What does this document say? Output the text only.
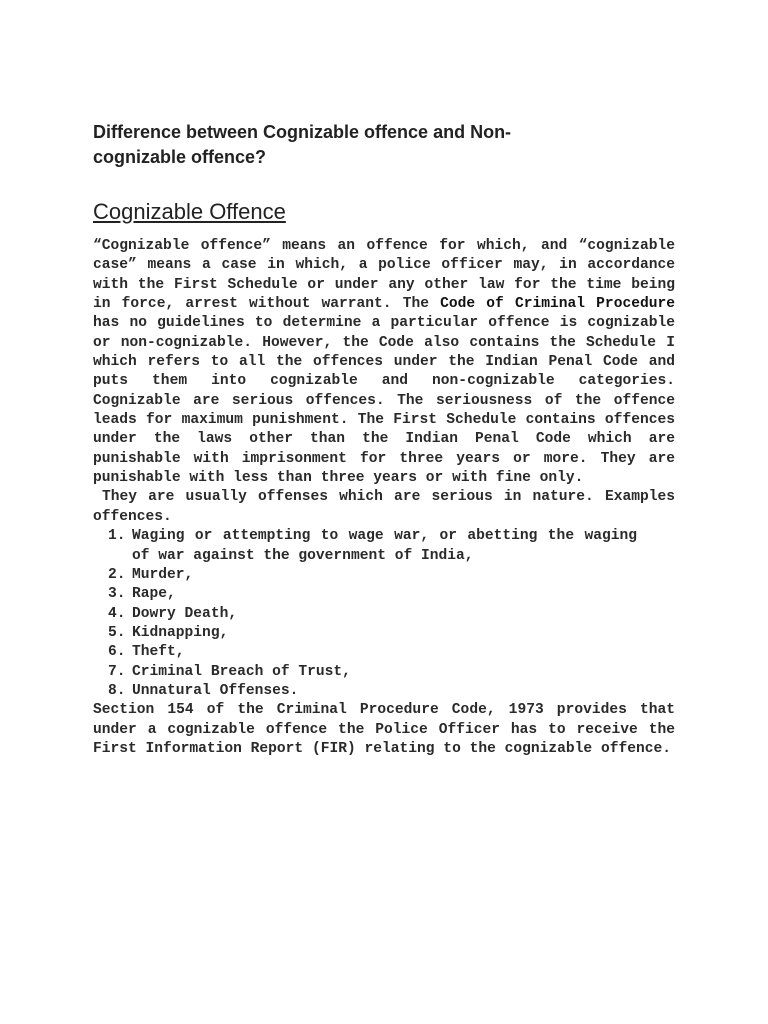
Difference between Cognizable offence and Non-cognizable offence?
Cognizable Offence

“Cognizable offence” means an offence for which, and “cognizable case” means a case in which, a police officer may, in accordance with the First Schedule or under any other law for the time being in force, arrest without warrant. The Code of Criminal Procedure has no guidelines to determine a particular offence is cognizable or non-cognizable. However, the Code also contains the Schedule I which refers to all the offences under the Indian Penal Code and puts them into cognizable and non-cognizable categories. Cognizable are serious offences. The seriousness of the offence leads for maximum punishment. The First Schedule contains offences under the laws other than the Indian Penal Code which are punishable with imprisonment for three years or more. They are punishable with less than three years or with fine only.

They are usually offenses which are serious in nature. Examples offences.

1. Waging or attempting to wage war, or abetting the waging of war against the government of India,
2. Murder,
3. Rape,
4. Dowry Death,
5. Kidnapping,
6. Theft,
7. Criminal Breach of Trust,
8. Unnatural Offenses.

Section 154 of the Criminal Procedure Code, 1973 provides that under a cognizable offence the Police Officer has to receive the First Information Report (FIR) relating to the cognizable offence.
